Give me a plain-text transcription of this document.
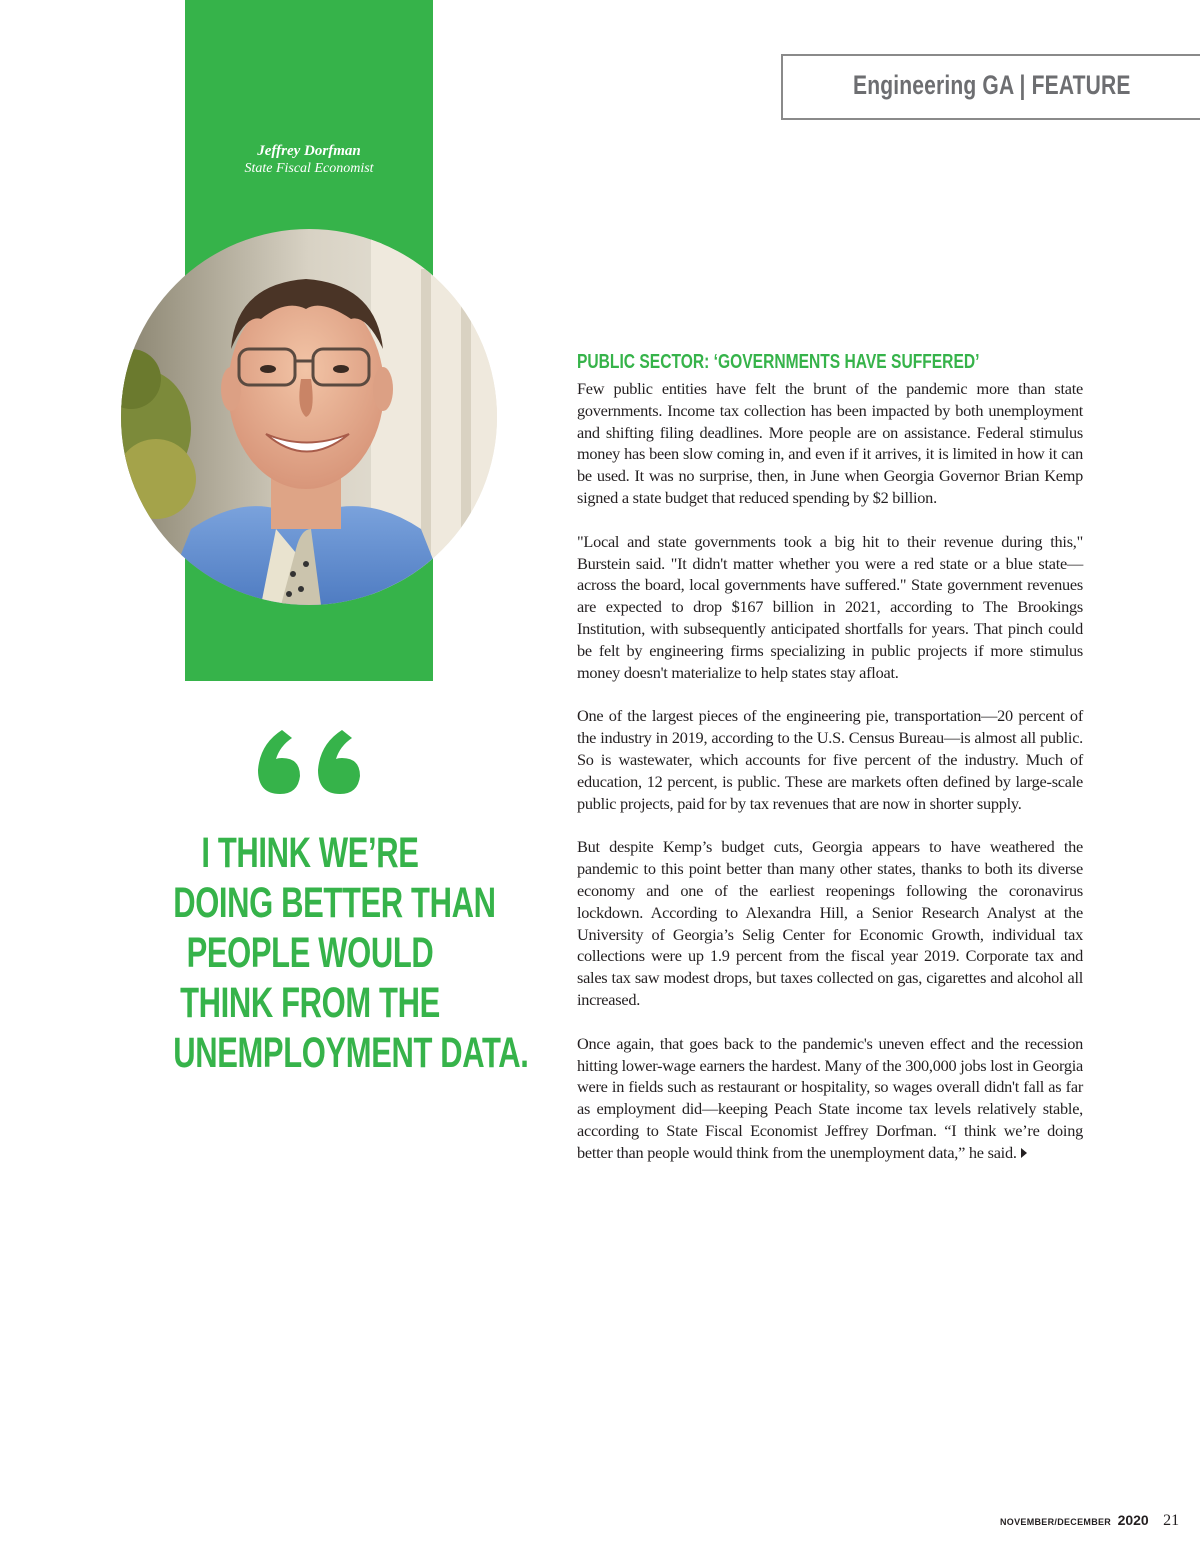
Jeffrey Dorfman
State Fiscal Economist
Engineering GA | FEATURE
I THINK WE’RE
DOING BETTER THAN
PEOPLE WOULD
THINK FROM THE
UNEMPLOYMENT DATA.
PUBLIC SECTOR: ‘GOVERNMENTS HAVE SUFFERED’

Few public entities have felt the brunt of the pandemic more than state governments. Income tax collection has been impacted by both unemployment and shifting filing deadlines. More people are on assistance. Federal stimulus money has been slow coming in, and even if it arrives, it is limited in how it can be used. It was no surprise, then, in June when Georgia Governor Brian Kemp signed a state budget that reduced spending by $2 billion.

"Local and state governments took a big hit to their revenue during this," Burstein said. "It didn't matter whether you were a red state or a blue state—across the board, local governments have suffered." State government revenues are expected to drop $167 billion in 2021, according to The Brookings Institution, with subsequently anticipated shortfalls for years. That pinch could be felt by engineering firms specializing in public projects if more stimulus money doesn't materialize to help states stay afloat.

One of the largest pieces of the engineering pie, transportation—20 percent of the industry in 2019, according to the U.S. Census Bureau—is almost all public. So is wastewater, which accounts for five percent of the industry. Much of education, 12 percent, is public. These are markets often defined by large-scale public projects, paid for by tax revenues that are now in shorter supply.

But despite Kemp’s budget cuts, Georgia appears to have weathered the pandemic to this point better than many other states, thanks to both its diverse economy and one of the earliest reopenings following the coronavirus lockdown. According to Alexandra Hill, a Senior Research Analyst at the University of Georgia’s Selig Center for Economic Growth, individual tax collections were up 1.9 percent from the fiscal year 2019. Corporate tax and sales tax saw modest drops, but taxes collected on gas, cigarettes and alcohol all increased.

Once again, that goes back to the pandemic's uneven effect and the recession hitting lower-wage earners the hardest. Many of the 300,000 jobs lost in Georgia were in fields such as restaurant or hospitality, so wages overall didn't fall as far as employment did—keeping Peach State income tax levels relatively stable, according to State Fiscal Economist Jeffrey Dorfman. “I think we’re doing better than people would think from the unemployment data,” he said.

NOVEMBER/DECEMBER 2020 21
